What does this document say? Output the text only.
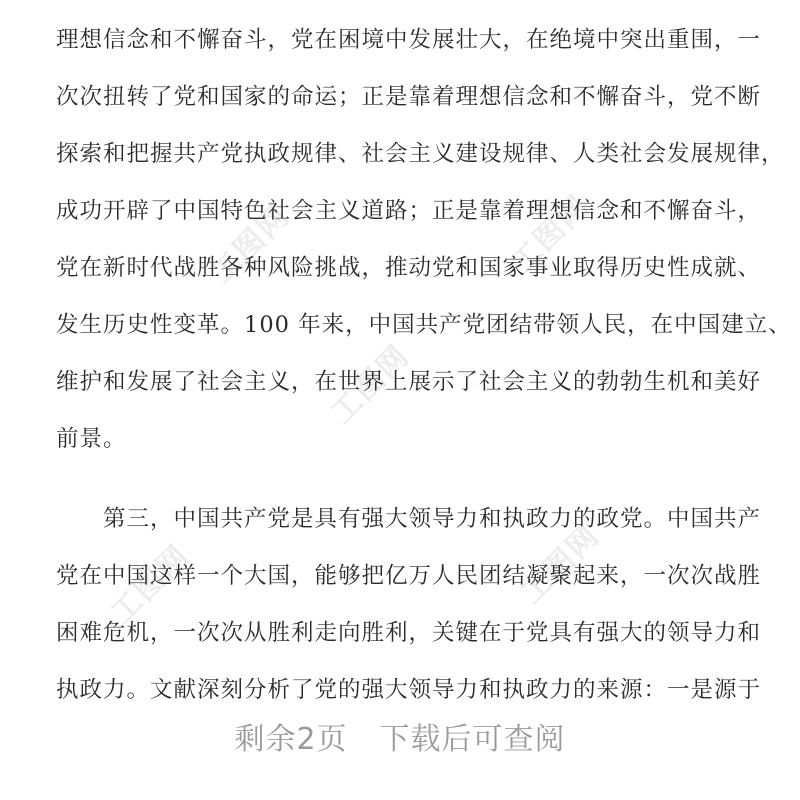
工图网	工图网
工图网
工图网	工图网
理想信念和不懈奋斗，党在困境中发展壮大，在绝境中突出重围，一
次次扭转了党和国家的命运；正是靠着理想信念和不懈奋斗，党不断
探索和把握共产党执政规律、社会主义建设规律、人类社会发展规律，
成功开辟了中国特色社会主义道路；正是靠着理想信念和不懈奋斗，
党在新时代战胜各种风险挑战，推动党和国家事业取得历史性成就、
发生历史性变革。100 年来，中国共产党团结带领人民，在中国建立、
维护和发展了社会主义，在世界上展示了社会主义的勃勃生机和美好
前景。
第三，中国共产党是具有强大领导力和执政力的政党。中国共产
党在中国这样一个大国，能够把亿万人民团结凝聚起来，一次次战胜
困难危机，一次次从胜利走向胜利，关键在于党具有强大的领导力和
执政力。文献深刻分析了党的强大领导力和执政力的来源：一是源于
剩余2页 下载后可查阅
